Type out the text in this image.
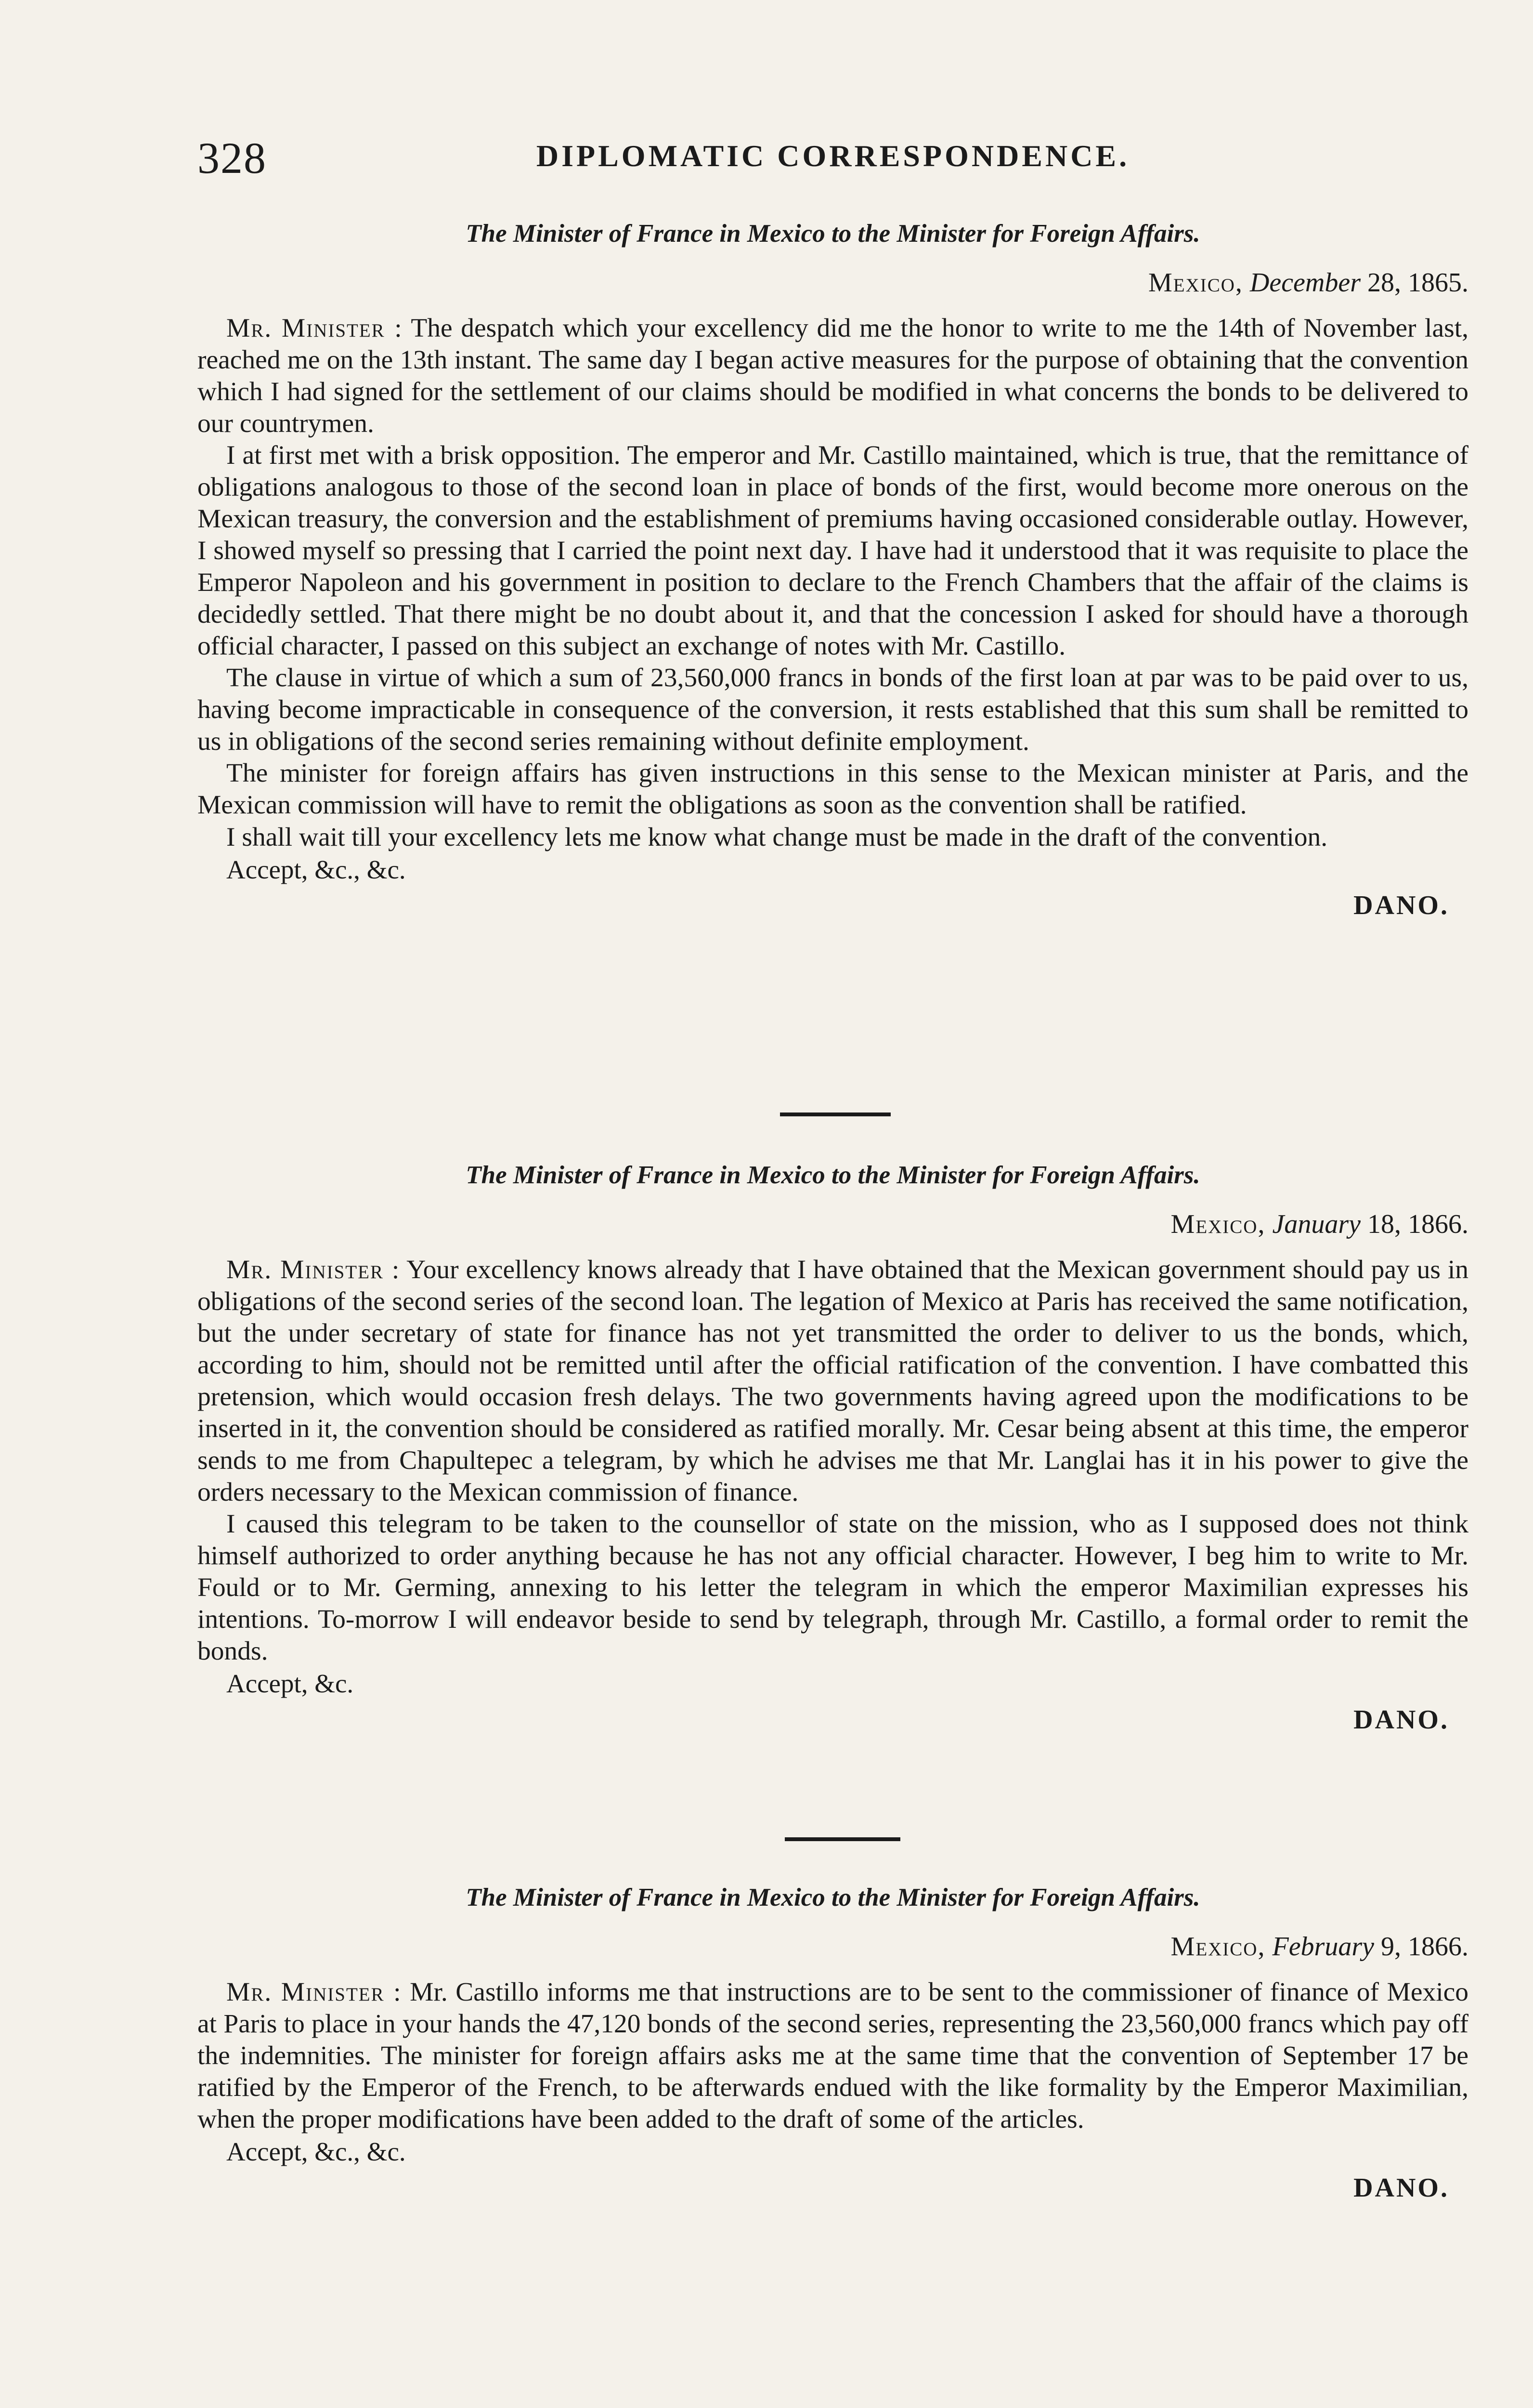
328	DIPLOMATIC CORRESPONDENCE.
The Minister of France in Mexico to the Minister for Foreign Affairs.
Mexico, December 28, 1865.

Mr. Minister : The despatch which your excellency did me the honor to write to me the 14th of November last, reached me on the 13th instant. The same day I began active measures for the purpose of obtaining that the convention which I had signed for the settlement of our claims should be modified in what concerns the bonds to be delivered to our countrymen.

I at first met with a brisk opposition. The emperor and Mr. Castillo maintained, which is true, that the remittance of obligations analogous to those of the second loan in place of bonds of the first, would become more onerous on the Mexican treasury, the conversion and the establishment of premiums having occasioned considerable outlay. However, I showed myself so pressing that I carried the point next day. I have had it understood that it was requisite to place the Emperor Napoleon and his government in position to declare to the French Chambers that the affair of the claims is decidedly settled. That there might be no doubt about it, and that the concession I asked for should have a thorough official character, I passed on this subject an exchange of notes with Mr. Castillo.

The clause in virtue of which a sum of 23,560,000 francs in bonds of the first loan at par was to be paid over to us, having become impracticable in consequence of the conversion, it rests established that this sum shall be remitted to us in obligations of the second series remaining without definite employment.

The minister for foreign affairs has given instructions in this sense to the Mexican minister at Paris, and the Mexican commission will have to remit the obligations as soon as the convention shall be ratified.

I shall wait till your excellency lets me know what change must be made in the draft of the convention.

Accept, &c., &c.
DANO.
The Minister of France in Mexico to the Minister for Foreign Affairs.
Mexico, January 18, 1866.

Mr. Minister : Your excellency knows already that I have obtained that the Mexican government should pay us in obligations of the second series of the second loan. The legation of Mexico at Paris has received the same notification, but the under secretary of state for finance has not yet transmitted the order to deliver to us the bonds, which, according to him, should not be remitted until after the official ratification of the convention. I have combatted this pretension, which would occasion fresh delays. The two governments having agreed upon the modifications to be inserted in it, the convention should be considered as ratified morally. Mr. Cesar being absent at this time, the emperor sends to me from Chapultepec a telegram, by which he advises me that Mr. Langlai has it in his power to give the orders necessary to the Mexican commission of finance.

I caused this telegram to be taken to the counsellor of state on the mission, who as I supposed does not think himself authorized to order anything because he has not any official character. However, I beg him to write to Mr. Fould or to Mr. Germing, annexing to his letter the telegram in which the emperor Maximilian expresses his intentions. To-morrow I will endeavor beside to send by telegraph, through Mr. Castillo, a formal order to remit the bonds.

Accept, &c.
DANO.
The Minister of France in Mexico to the Minister for Foreign Affairs.
Mexico, February 9, 1866.

Mr. Minister : Mr. Castillo informs me that instructions are to be sent to the commissioner of finance of Mexico at Paris to place in your hands the 47,120 bonds of the second series, representing the 23,560,000 francs which pay off the indemnities. The minister for foreign affairs asks me at the same time that the convention of September 17 be ratified by the Emperor of the French, to be afterwards endued with the like formality by the Emperor Maximilian, when the proper modifications have been added to the draft of some of the articles.

Accept, &c., &c.
DANO.
